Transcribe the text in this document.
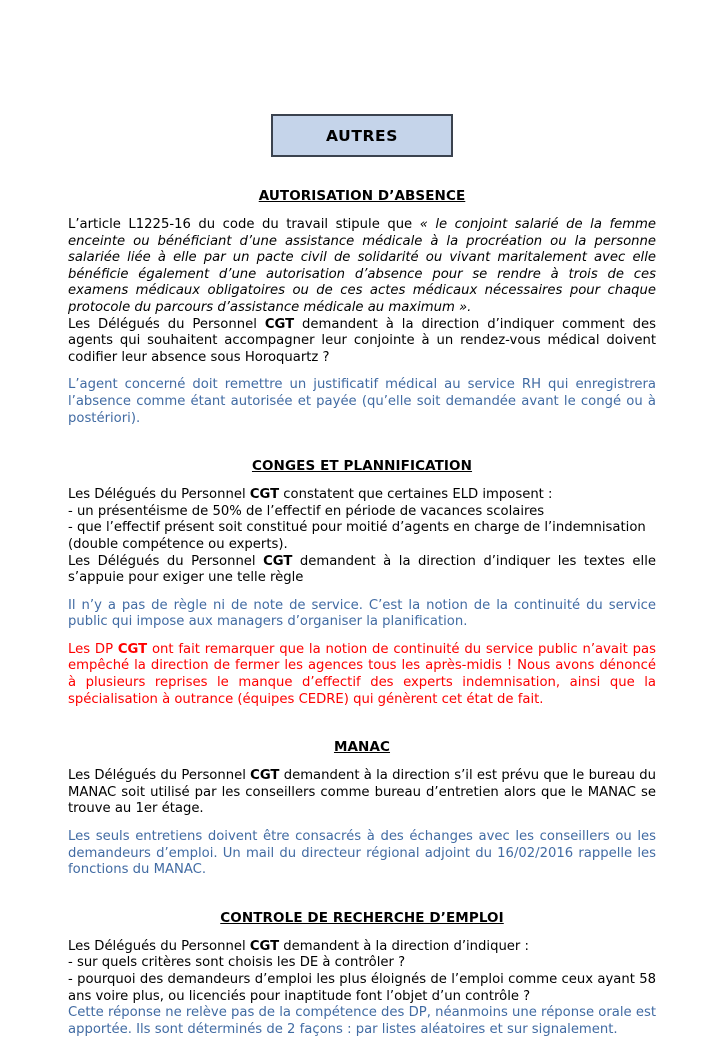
AUTRES
AUTORISATION D’ABSENCE

L’article L1225-16 du code du travail stipule que « le conjoint salarié de la femme enceinte ou bénéficiant d’une assistance médicale à la procréation ou la personne salariée liée à elle par un pacte civil de solidarité ou vivant maritalement avec elle bénéficie également d’une autorisation d’absence pour se rendre à trois de ces examens médicaux obligatoires ou de ces actes médicaux nécessaires pour chaque protocole du parcours d’assistance médicale au maximum ».

Les Délégués du Personnel CGT demandent à la direction d’indiquer comment des agents qui souhaitent accompagner leur conjointe à un rendez-vous médical doivent codifier leur absence sous Horoquartz ?

L’agent concerné doit remettre un justificatif médical au service RH qui enregistrera l’absence comme étant autorisée et payée (qu’elle soit demandée avant le congé ou à postériori).

CONGES ET PLANNIFICATION

Les Délégués du Personnel CGT constatent que certaines ELD imposent :

- un présentéisme de 50% de l’effectif en période de vacances scolaires

- que l’effectif présent soit constitué pour moitié d’agents en charge de l’indemnisation (double compétence ou experts).

Les Délégués du Personnel CGT demandent à la direction d’indiquer les textes elle s’appuie pour exiger une telle règle

Il n’y a pas de règle ni de note de service. C’est la notion de la continuité du service public qui impose aux managers d’organiser la planification.

Les DP CGT ont fait remarquer que la notion de continuité du service public n’avait pas empêché la direction de fermer les agences tous les après-midis ! Nous avons dénoncé à plusieurs reprises le manque d’effectif des experts indemnisation, ainsi que la spécialisation à outrance (équipes CEDRE) qui génèrent cet état de fait.

MANAC

Les Délégués du Personnel CGT demandent à la direction s’il est prévu que le bureau du MANAC soit utilisé par les conseillers comme bureau d’entretien alors que le MANAC se trouve au 1er étage.

Les seuls entretiens doivent être consacrés à des échanges avec les conseillers ou les demandeurs d’emploi. Un mail du directeur régional adjoint du 16/02/2016 rappelle les fonctions du MANAC.

CONTROLE DE RECHERCHE D’EMPLOI

Les Délégués du Personnel CGT demandent à la direction d’indiquer :

- sur quels critères sont choisis les DE à contrôler ?

- pourquoi des demandeurs d’emploi les plus éloignés de l’emploi comme ceux ayant 58 ans voire plus, ou licenciés pour inaptitude font l’objet d’un contrôle ?

Cette réponse ne relève pas de la compétence des DP, néanmoins une réponse orale est apportée. Ils sont déterminés de 2 façons : par listes aléatoires et sur signalement.
